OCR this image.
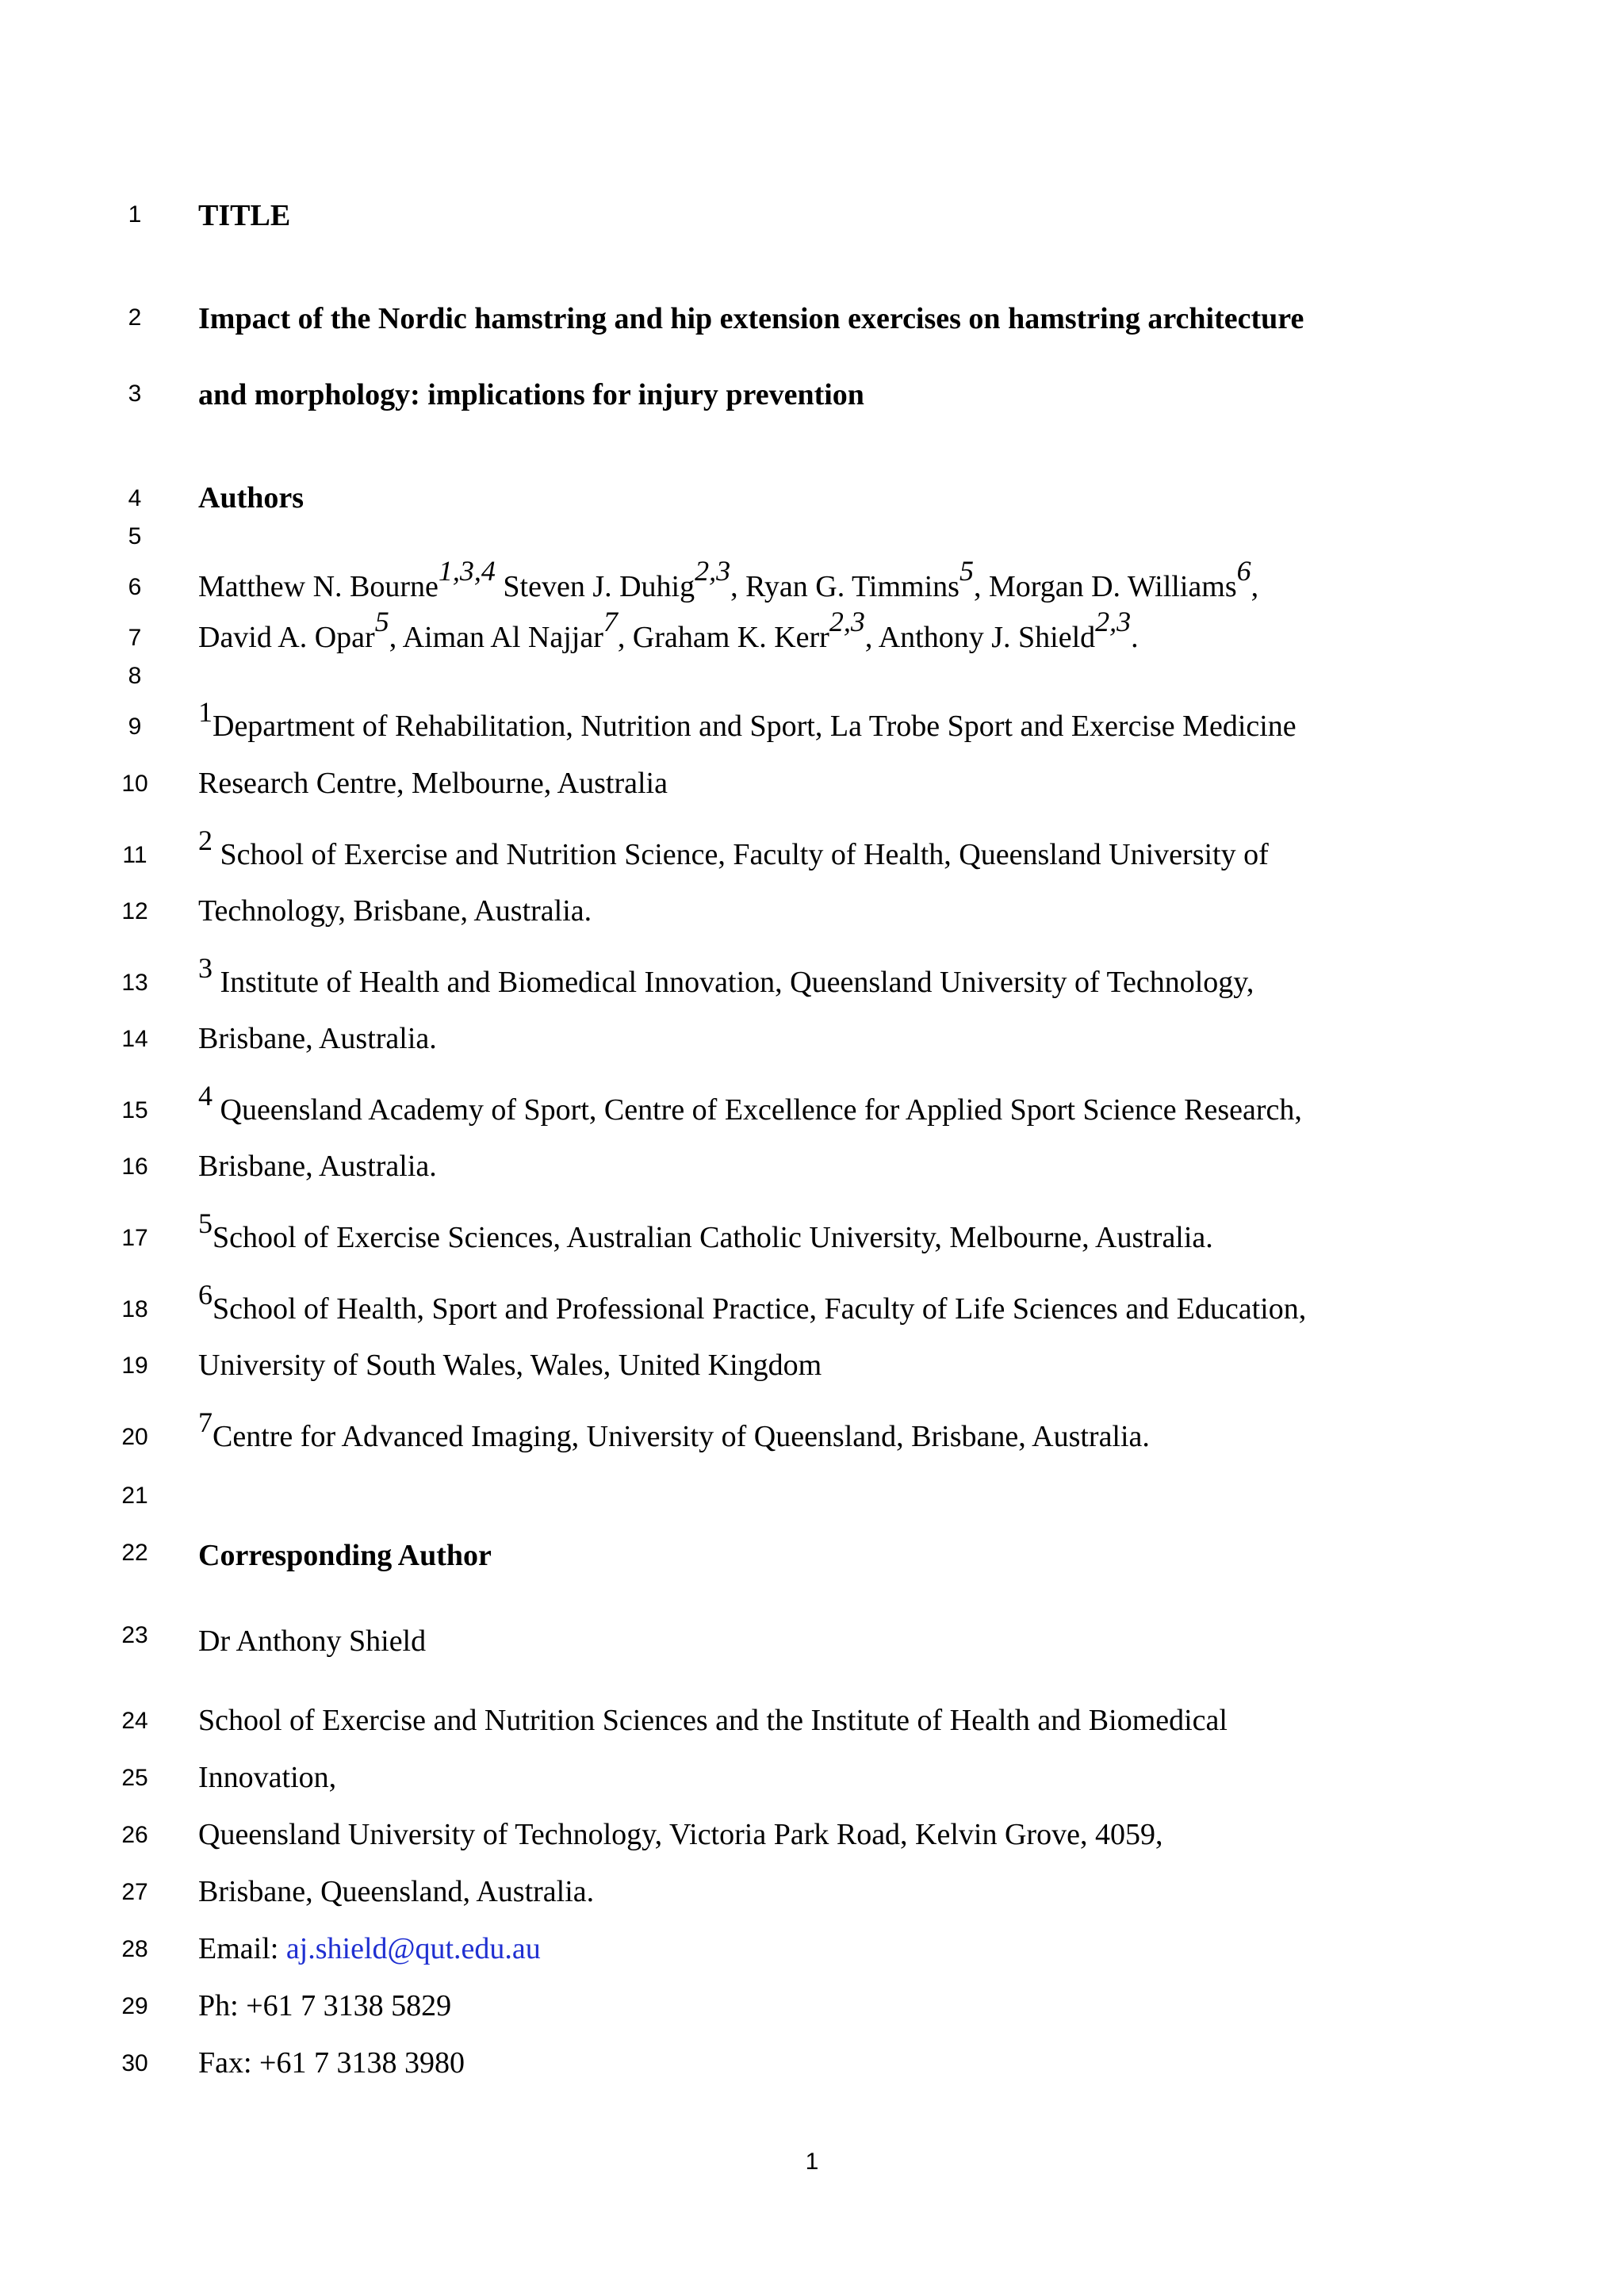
1
2
3
4
5
6
7
8
9
10
11
12
13
14
15
16
17
18
19
20
21
22
23
24
25
26
27
28
29
30
TITLE
Impact of the Nordic hamstring and hip extension exercises on hamstring architecture
and morphology: implications for injury prevention
Authors
Matthew N. Bourne$^{1,3,4}$ Steven J. Duhig$^{2,3}$, Ryan G. Timmins$^5$, Morgan D. Williams$^6$,
David A. Opar$^5$, Aiman Al Najjar$^7$, Graham K. Kerr$^{2,3}$, Anthony J. Shield$^{2,3}$.
$^1$Department of Rehabilitation, Nutrition and Sport, La Trobe Sport and Exercise Medicine
Research Centre, Melbourne, Australia
$^2$ School of Exercise and Nutrition Science, Faculty of Health, Queensland University of
Technology, Brisbane, Australia.
$^3$ Institute of Health and Biomedical Innovation, Queensland University of Technology,
Brisbane, Australia.
$^4$ Queensland Academy of Sport, Centre of Excellence for Applied Sport Science Research,
Brisbane, Australia.
$^5$School of Exercise Sciences, Australian Catholic University, Melbourne, Australia.
$^6$School of Health, Sport and Professional Practice, Faculty of Life Sciences and Education,
University of South Wales, Wales, United Kingdom
$^7$Centre for Advanced Imaging, University of Queensland, Brisbane, Australia.
Corresponding Author
Dr Anthony Shield
School of Exercise and Nutrition Sciences and the Institute of Health and Biomedical
Innovation,
Queensland University of Technology, Victoria Park Road, Kelvin Grove, 4059,
Brisbane, Queensland, Australia.
Email: aj.shield@qut.edu.au
Ph: +61 7 3138 5829
Fax: +61 7 3138 3980
1
